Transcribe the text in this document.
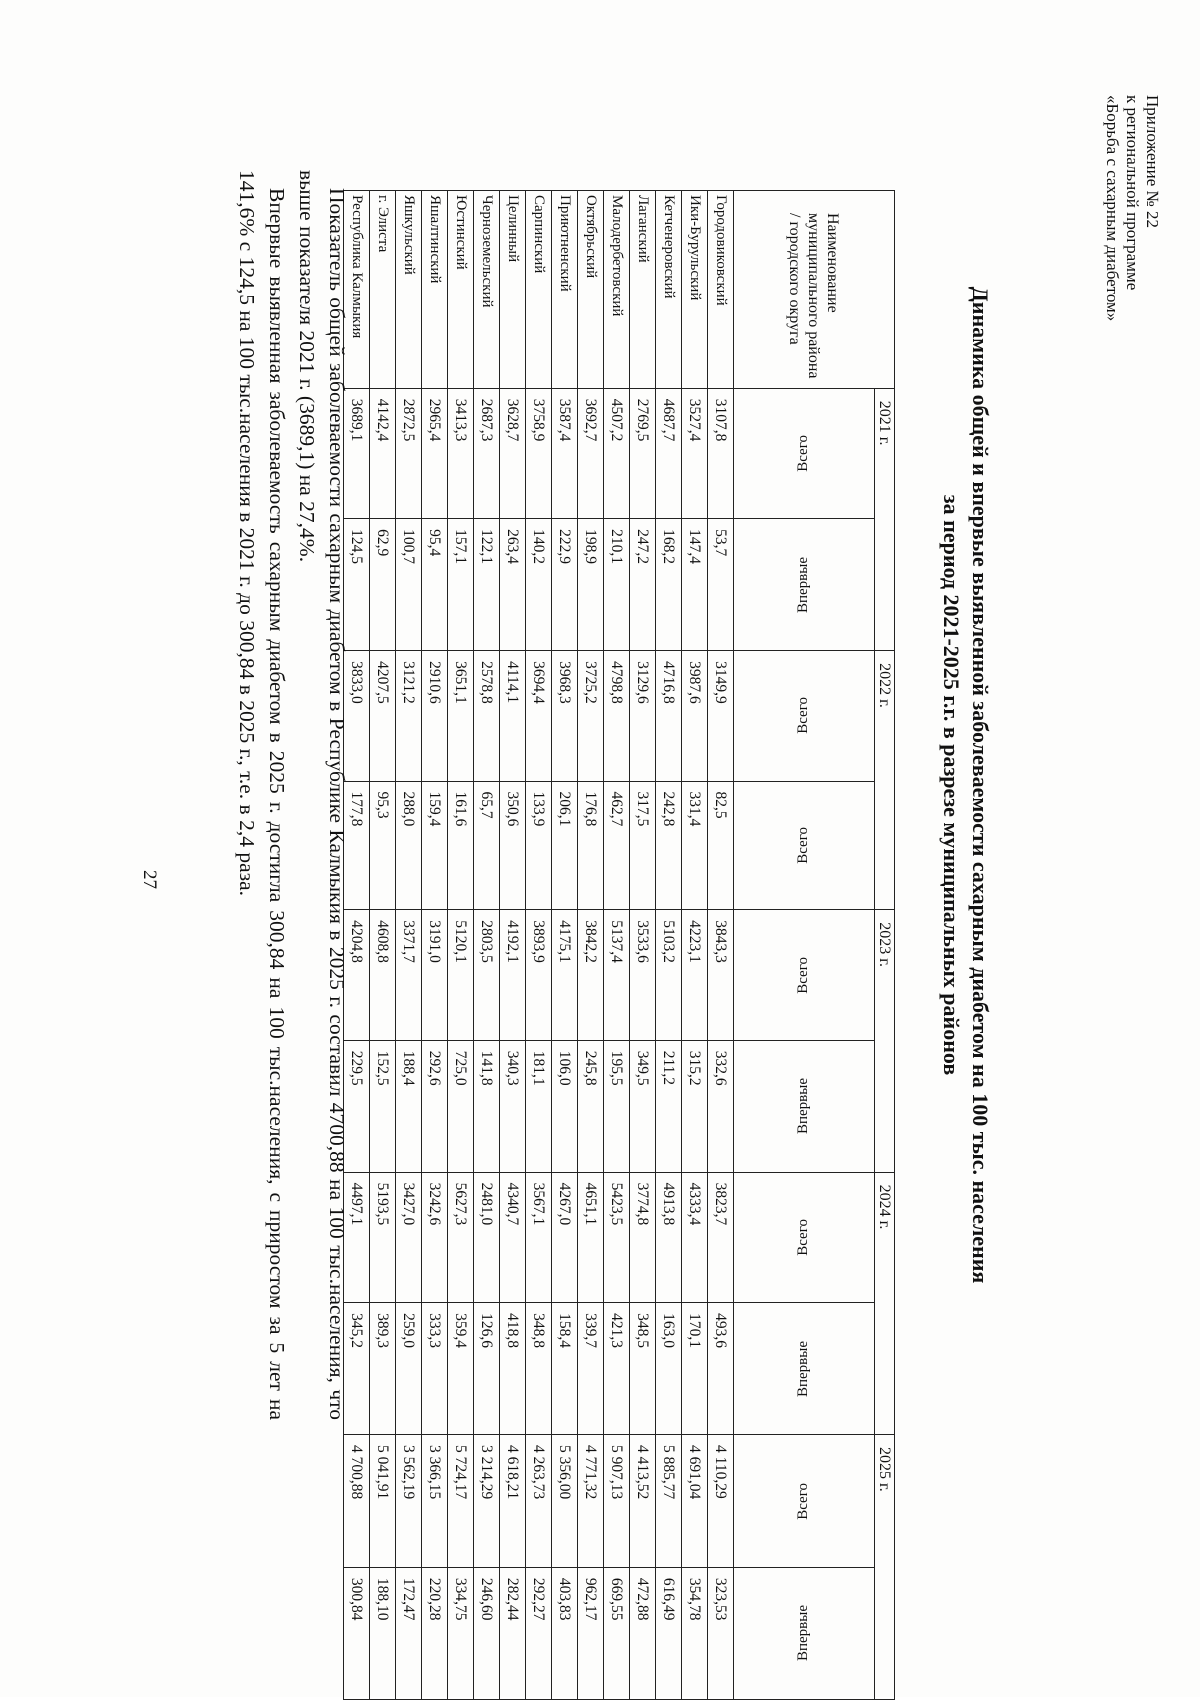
Приложение № 22
к региональной программе
«Борьба с сахарным диабетом»
Динамика общей и впервые выявленной заболеваемости сахарным диабетом на 100 тыс. населения
за период 2021-2025 г.г. в разрезе муниципальных районов
Наименование муниципального района / городского округа	2021 г.		2022 г.		2023 г.		2024 г.		2025 г.	
	Всего	Впервые	Всего	Всего	Всего	Впервые	Всего	Впервые	Всего	Впервые
Городовиковский	3107,8	53,7	3149,9	82,5	3843,3	332,6	3823,7	493,6	4 110,29	323,53
Ики-Бурульский	3527,4	147,4	3987,6	331,4	4223,1	315,2	4333,4	170,1	4 691,04	354,78
Кетченеровский	4687,7	168,2	4716,8	242,8	5103,2	211,2	4913,8	163,0	5 885,77	616,49
Лаганский	2769,5	247,2	3129,6	317,5	3533,6	349,5	3774,8	348,5	4 413,52	472,88
Малодербетовский	4507,2	210,1	4798,8	462,7	5137,4	195,5	5423,5	421,3	5 907,13	669,55
Октябрьский	3692,7	198,9	3725,2	176,8	3842,2	245,8	4651,1	339,7	4 771,32	962,17
Приютненский	3587,4	222,9	3968,3	206,1	4175,1	106,0	4267,0	158,4	5 356,00	403,83
Сарпинский	3758,9	140,2	3694,4	133,9	3893,9	181,1	3567,1	348,8	4 263,73	292,27
Целинный	3628,7	263,4	4114,1	350,6	4192,1	340,3	4340,7	418,8	4 618,21	282,44
Черноземельский	2687,3	122,1	2578,8	65,7	2803,5	141,8	2481,0	126,6	3 214,29	246,60
Юстинский	3413,3	157,1	3651,1	161,6	5120,1	725,0	5627,3	359,4	5 724,17	334,75
Яшалтинский	2965,4	95,4	2910,6	159,4	3191,0	292,6	3242,6	333,3	3 366,15	220,28
Яшкульский	2872,5	100,7	3121,2	288,0	3371,7	188,4	3427,0	259,0	3 562,19	172,47
г. Элиста	4142,4	62,9	4207,5	95,3	4608,8	152,5	5193,5	389,3	5 041,91	188,10
Республика Калмыкия	3689,1	124,5	3833,0	177,8	4204,8	229,5	4497,1	345,2	4 700,88	300,84
Показатель общей заболеваемости сахарным диабетом в Республике Калмыкия в 2025 г. составил 4700,88 на 100 тыс.населения, что выше показателя 2021 г. (3689,1) на 27,4%.
Впервые выявленная заболеваемость сахарным диабетом в 2025 г. достигла 300,84 на 100 тыс.населения, с приростом за 5 лет на 141,6% с 124,5 на 100 тыс.населения в 2021 г. до 300,84 в 2025 г., т.е. в 2,4 раза.
27
